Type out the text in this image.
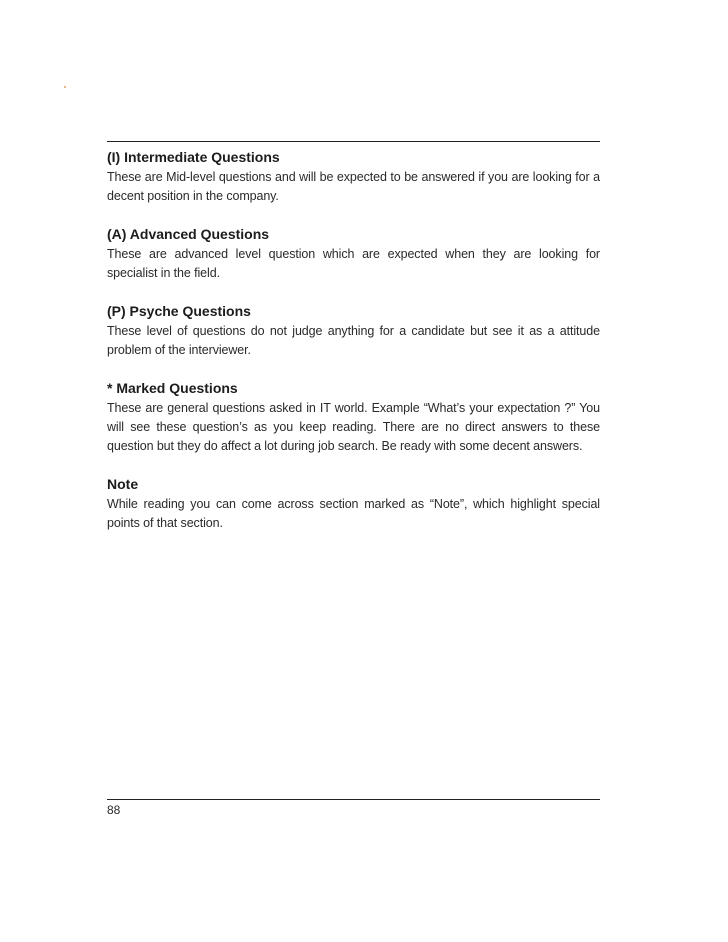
(I) Intermediate Questions

These are Mid-level questions and will be expected to be answered if you are looking for a decent position in the company.

(A) Advanced Questions

These are advanced level question which are expected when they are looking for specialist in the field.

(P) Psyche Questions

These level of questions do not judge anything for a candidate but see it as a attitude problem of the interviewer.

* Marked Questions

These are general questions asked in IT world. Example “What’s your expectation ?” You will see these question’s as you keep reading. There are no direct answers to these question but they do affect a lot during job search. Be ready with some decent answers.

Note

While reading you can come across section marked as “Note”, which highlight special points of that section.

88
